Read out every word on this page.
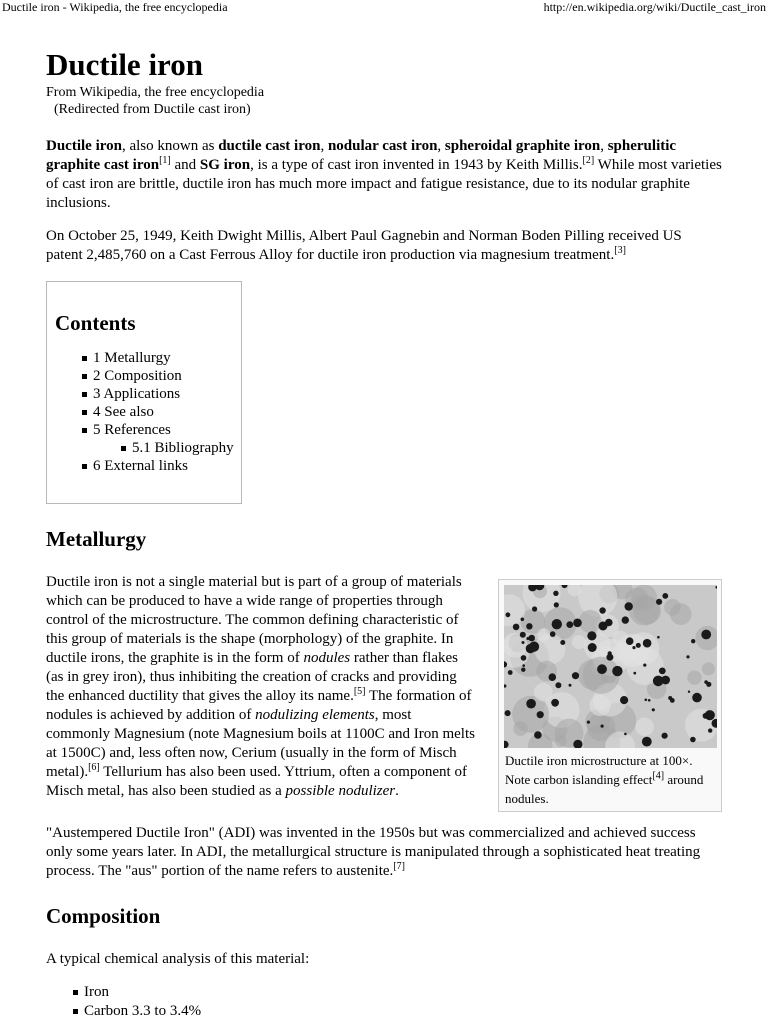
Ductile iron - Wikipedia, the free encyclopedia	http://en.wikipedia.org/wiki/Ductile_cast_iron
Ductile iron
From Wikipedia, the free encyclopedia
(Redirected from Ductile cast iron)

Ductile iron, also known as ductile cast iron, nodular cast iron, spheroidal graphite iron, spherulitic graphite cast iron[1] and SG iron, is a type of cast iron invented in 1943 by Keith Millis.[2] While most varieties of cast iron are brittle, ductile iron has much more impact and fatigue resistance, due to its nodular graphite inclusions.

On October 25, 1949, Keith Dwight Millis, Albert Paul Gagnebin and Norman Boden Pilling received US patent 2,485,760 on a Cast Ferrous Alloy for ductile iron production via magnesium treatment.[3]

Contents
1 Metallurgy
2 Composition
3 Applications
4 See also
5 References
5.1 Bibliography
6 External links
Metallurgy
Ductile iron is not a single material but is part of a group of materials which can be produced to have a wide range of properties through control of the microstructure. The common defining characteristic of this group of materials is the shape (morphology) of the graphite. In ductile irons, the graphite is in the form of nodules rather than flakes (as in grey iron), thus inhibiting the creation of cracks and providing the enhanced ductility that gives the alloy its name.[5] The formation of nodules is achieved by addition of nodulizing elements, most commonly Magnesium (note Magnesium boils at 1100C and Iron melts at 1500C) and, less often now, Cerium (usually in the form of Misch metal).[6] Tellurium has also been used. Yttrium, often a component of Misch metal, has also been studied as a possible nodulizer.
Ductile iron microstructure at 100×. Note carbon islanding effect[4] around nodules.

"Austempered Ductile Iron" (ADI) was invented in the 1950s but was commercialized and achieved success only some years later. In ADI, the metallurgical structure is manipulated through a sophisticated heat treating process. The "aus" portion of the name refers to austenite.[7]

Composition

A typical chemical analysis of this material:

Iron
Carbon 3.3 to 3.4%
